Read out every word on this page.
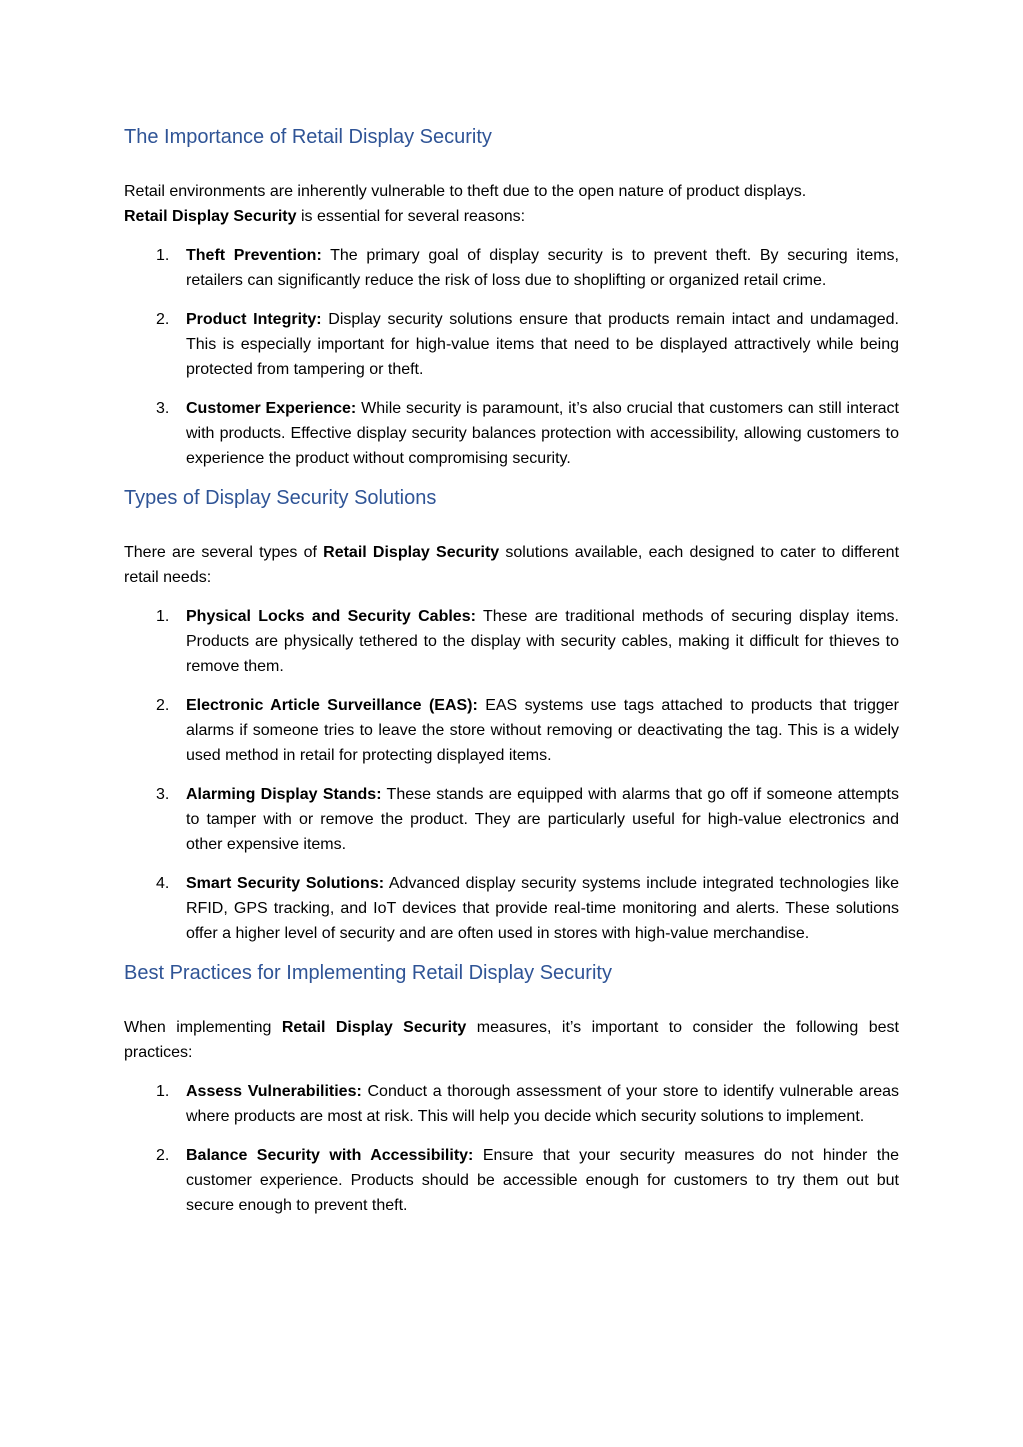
The Importance of Retail Display Security

Retail environments are inherently vulnerable to theft due to the open nature of product displays.
Retail Display Security is essential for several reasons:

1. Theft Prevention: The primary goal of display security is to prevent theft. By securing items, retailers can significantly reduce the risk of loss due to shoplifting or organized retail crime.
2. Product Integrity: Display security solutions ensure that products remain intact and undamaged. This is especially important for high-value items that need to be displayed attractively while being protected from tampering or theft.
3. Customer Experience: While security is paramount, it’s also crucial that customers can still interact with products. Effective display security balances protection with accessibility, allowing customers to experience the product without compromising security.
Types of Display Security Solutions

There are several types of Retail Display Security solutions available, each designed to cater to different retail needs:

1. Physical Locks and Security Cables: These are traditional methods of securing display items. Products are physically tethered to the display with security cables, making it difficult for thieves to remove them.
2. Electronic Article Surveillance (EAS): EAS systems use tags attached to products that trigger alarms if someone tries to leave the store without removing or deactivating the tag. This is a widely used method in retail for protecting displayed items.
3. Alarming Display Stands: These stands are equipped with alarms that go off if someone attempts to tamper with or remove the product. They are particularly useful for high-value electronics and other expensive items.
4. Smart Security Solutions: Advanced display security systems include integrated technologies like RFID, GPS tracking, and IoT devices that provide real-time monitoring and alerts. These solutions offer a higher level of security and are often used in stores with high-value merchandise.
Best Practices for Implementing Retail Display Security

When implementing Retail Display Security measures, it’s important to consider the following best practices:

1. Assess Vulnerabilities: Conduct a thorough assessment of your store to identify vulnerable areas where products are most at risk. This will help you decide which security solutions to implement.
2. Balance Security with Accessibility: Ensure that your security measures do not hinder the customer experience. Products should be accessible enough for customers to try them out but secure enough to prevent theft.
